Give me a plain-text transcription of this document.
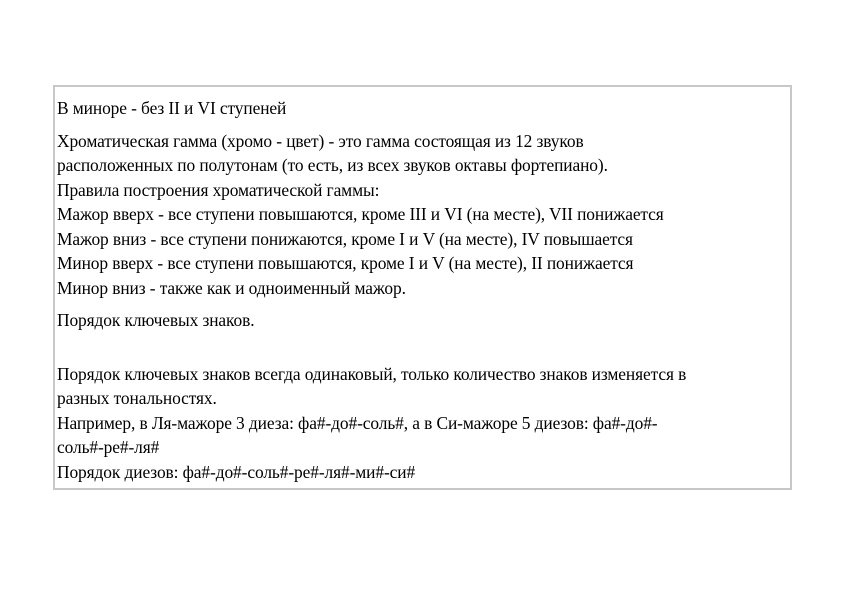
В миноре - без II и VI ступеней

Хроматическая гамма (хромо - цвет) - это гамма состоящая из 12 звуков
расположенных по полутонам (то есть, из всех звуков октавы фортепиано).
Правила построения хроматической гаммы:
Мажор вверх - все ступени повышаются, кроме III и VI (на месте), VII понижается
Мажор вниз - все ступени понижаются, кроме I и V (на месте), IV повышается
Минор вверх - все ступени повышаются, кроме I и V (на месте), II понижается
Минор вниз - также как и одноименный мажор.

Порядок ключевых знаков.

Порядок ключевых знаков всегда одинаковый, только количество знаков изменяется в
разных тональностях.
Например, в Ля-мажоре 3 диеза: фа#-до#-соль#, а в Си-мажоре 5 диезов: фа#-до#-
соль#-ре#-ля#
Порядок диезов: фа#-до#-соль#-ре#-ля#-ми#-си#
